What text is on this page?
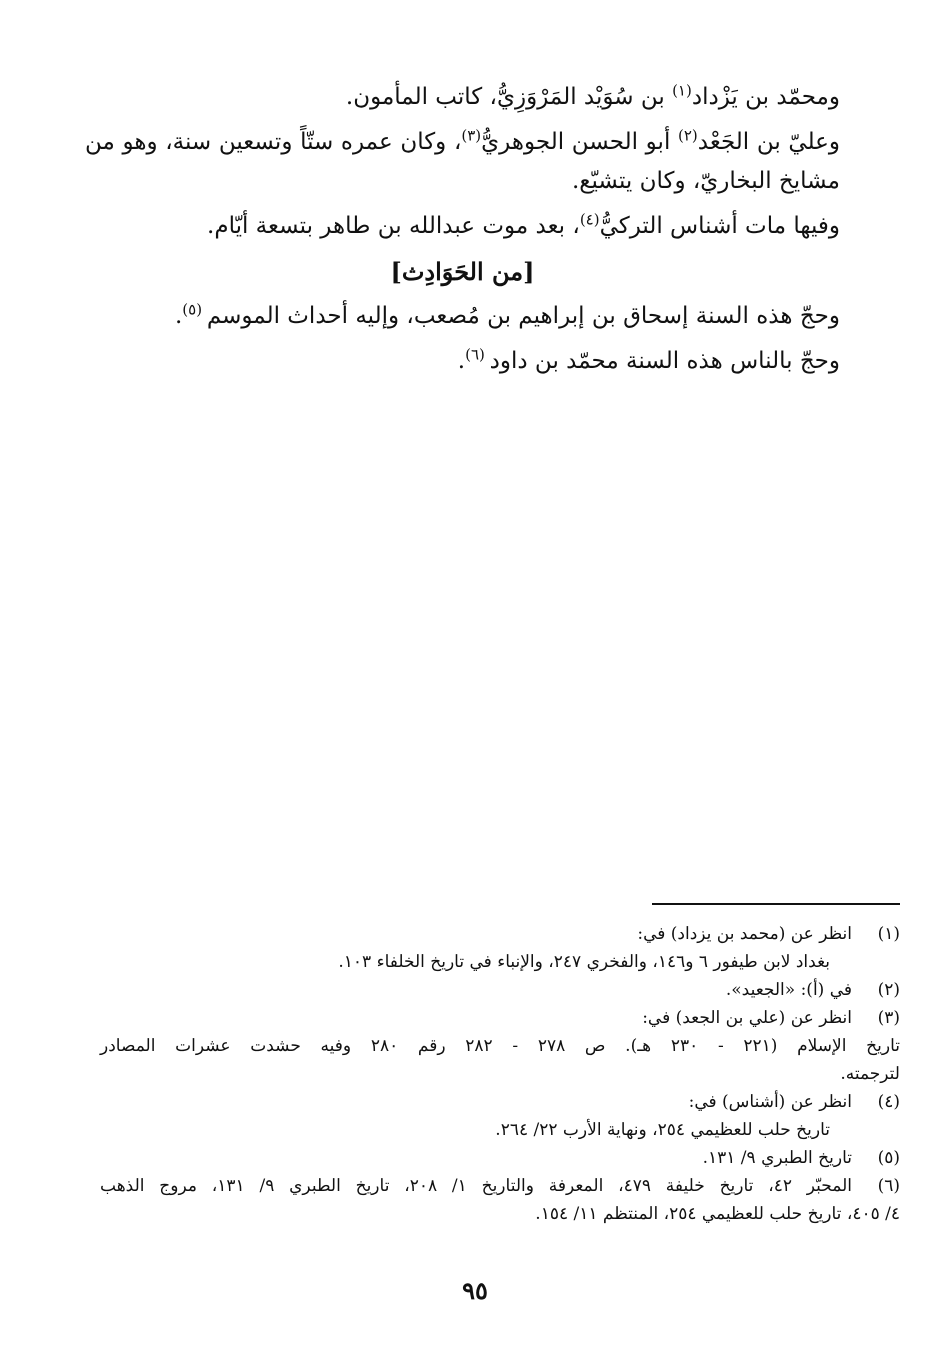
ومحمّد بن يَزْداد$^{(١)}$ بن سُوَيْد المَرْوَزِيُّ، كاتب المأمون.

وعليّ بن الجَعْد$^{(٢)}$ أبو الحسن الجوهريُّ$^{(٣)}$، وكان عمره ستّاً وتسعين سنة، وهو من مشايخ البخاريّ، وكان يتشيّع.

وفيها مات أشناس التركيُّ$^{(٤)}$، بعد موت عبدالله بن طاهر بتسعة أيّام.

[من الحَوَادِث]

وحجّ هذه السنة إسحاق بن إبراهيم بن مُصعب، وإليه أحداث الموسم $^{(٥)}$.

وحجّ بالناس هذه السنة محمّد بن داود $^{(٦)}$.

(١)
انظر عن (محمد بن يزداد) في:
بغداد لابن طيفور ٦ و١٤٦، والفخري ٢٤٧، والإنباء في تاريخ الخلفاء ١٠٣.
(٢)
في (أ): «الجعيد».
(٣)
انظر عن (علي بن الجعد) في:
تاريخ الإسلام (٢٢١ - ٢٣٠ هـ). ص ٢٧٨ - ٢٨٢ رقم ٢٨٠ وفيه حشدت عشرات المصادر
لترجمته.
(٤)
انظر عن (أشناس) في:
تاريخ حلب للعظيمي ٢٥٤، ونهاية الأرب ٢٢/ ٢٦٤.
(٥)
تاريخ الطبري ٩/ ١٣١.
(٦)
المحبّر ٤٢، تاريخ خليفة ٤٧٩، المعرفة والتاريخ ١/ ٢٠٨، تاريخ الطبري ٩/ ١٣١، مروج الذهب
٤/ ٤٠٥، تاريخ حلب للعظيمي ٢٥٤، المنتظم ١١/ ١٥٤.
٩٥
